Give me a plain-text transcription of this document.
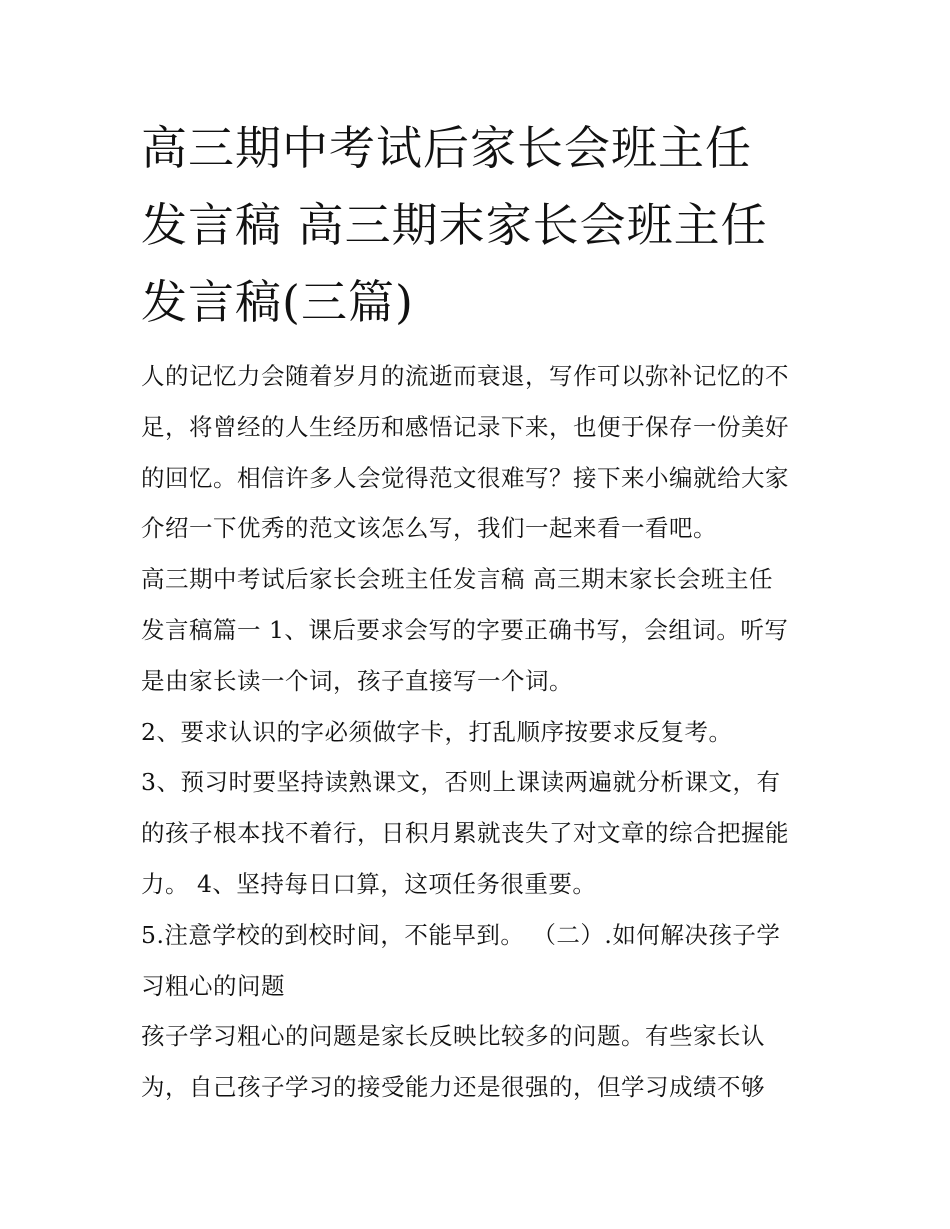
高三期中考试后家长会班主任
发言稿 高三期末家长会班主任
发言稿(三篇)

人的记忆力会随着岁月的流逝而衰退，写作可以弥补记忆的不
足，将曾经的人生经历和感悟记录下来，也便于保存一份美好
的回忆。相信许多人会觉得范文很难写？接下来小编就给大家
介绍一下优秀的范文该怎么写，我们一起来看一看吧。

高三期中考试后家长会班主任发言稿 高三期末家长会班主任
发言稿篇一 1、课后要求会写的字要正确书写，会组词。听写
是由家长读一个词，孩子直接写一个词。

2、要求认识的字必须做字卡，打乱顺序按要求反复考。

3、预习时要坚持读熟课文，否则上课读两遍就分析课文，有
的孩子根本找不着行，日积月累就丧失了对文章的综合把握能
力。 4、坚持每日口算，这项任务很重要。

5.注意学校的到校时间，不能早到。 （二）.如何解决孩子学
习粗心的问题

孩子学习粗心的问题是家长反映比较多的问题。有些家长认
为，自己孩子学习的接受能力还是很强的，但学习成绩不够
